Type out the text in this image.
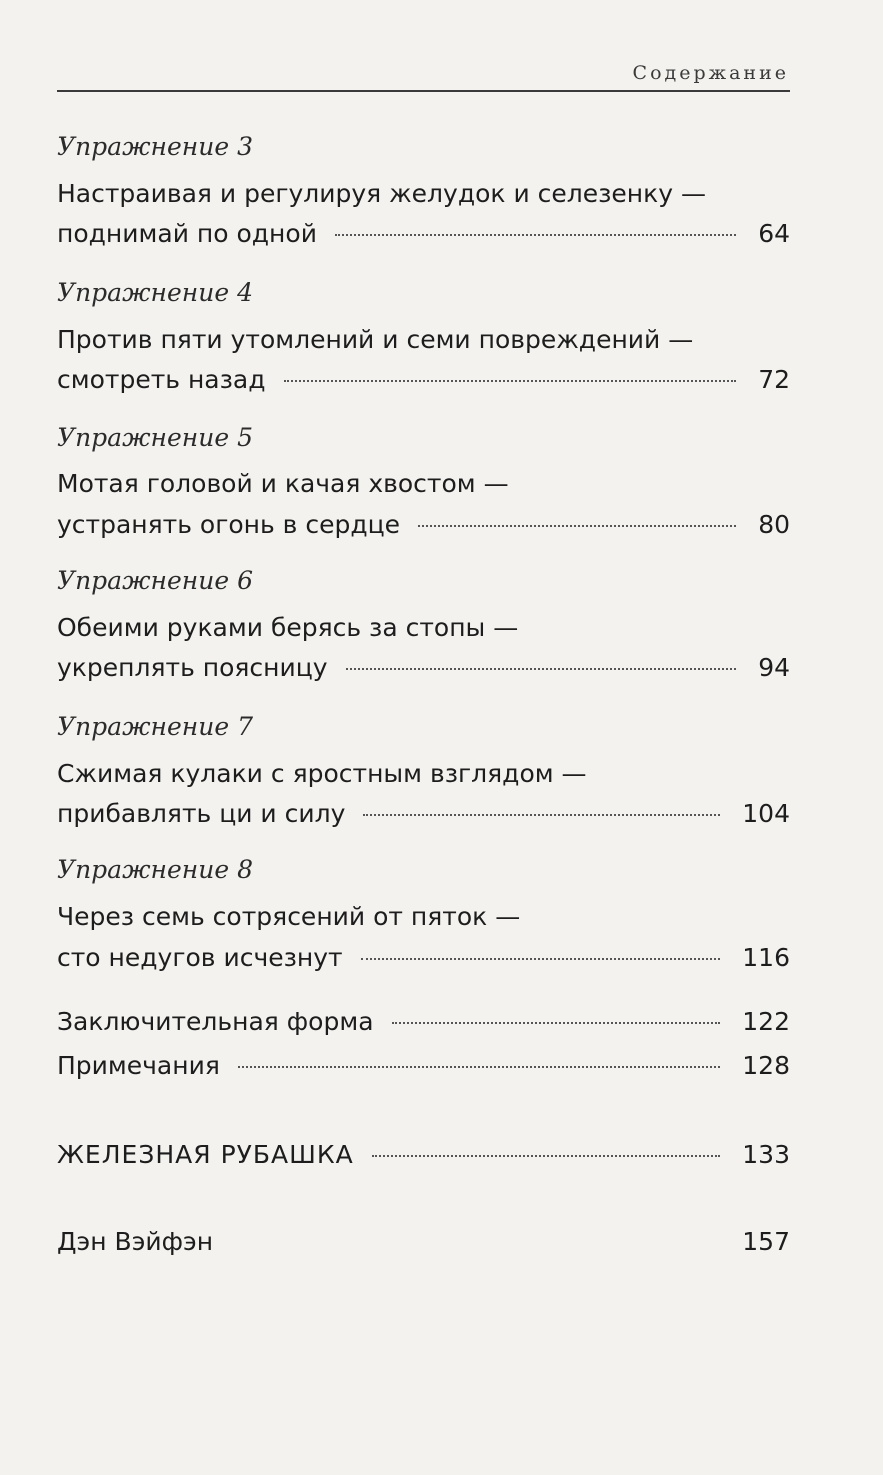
Содержание
Упражнение 3
Настраивая и регулируя желудок и селезенку —
поднимай по одной	64
Упражнение 4
Против пяти утомлений и семи повреждений —
смотреть назад	72
Упражнение 5
Мотая головой и качая хвостом —
устранять огонь в сердце	80
Упражнение 6
Обеими руками берясь за стопы —
укреплять поясницу	94
Упражнение 7
Сжимая кулаки с яростным взглядом —
прибавлять ци и силу	104
Упражнение 8
Через семь сотрясений от пяток —
сто недугов исчезнут	116
Заключительная форма	122
Примечания	128
ЖЕЛЕЗНАЯ РУБАШКА	133
Дэн Вэйфэн	157
